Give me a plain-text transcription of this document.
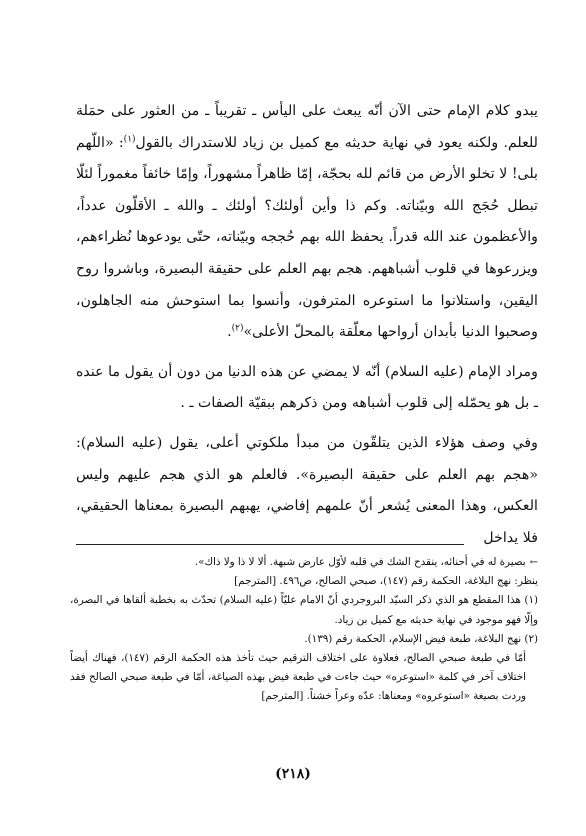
يبدو كلام الإمام حتى الآن أنّه يبعث على اليأس ـ تقريباً ـ من العثور على حمَلة للعلم. ولكنه يعود في نهاية حديثه مع كميل بن زياد للاستدراك بالقول$^{(١)}$: «اللّهم بلى! لا تخلو الأرض من قائم لله بحجّة، إمّا ظاهراً مشهوراً، وإمّا خائفاً مغموراً لئلّا تبطل حُجَج الله وبيّناته. وكم ذا وأين أولئك؟ أولئك ـ والله ـ الأقلّون عدداً، والأعظمون عند الله قدراً. يحفظ الله بهم حُججه وبيّناته، حتّى يودعوها نُظراءهم، ويزرعوها في قلوب أشباههم. هجم بهم العلم على حقيقة البصيرة، وباشروا روح اليقين، واستلانوا ما استوعره المترفون، وأنسوا بما استوحش منه الجاهلون، وصحبوا الدنيا بأبدان أرواحها معلّقة بالمحلّ الأعلى»$^{(٢)}$.

ومراد الإمام (عليه السلام) أنّه لا يمضي عن هذه الدنيا من دون أن يقول ما عنده ـ بل هو يحمّله إلى قلوب أشباهه ومن ذكرهم ببقيّة الصفات ـ .

وفي وصف هؤلاء الذين يتلقّون من مبدأ ملكوتي أعلى، يقول (عليه السلام): «هجم بهم العلم على حقيقة البصيرة». فالعلم هو الذي هجم عليهم وليس العكس، وهذا المعنى يُشعر أنّ علمهم إفاضي، يهبهم البصيرة بمعناها الحقيقي، فلا يداخل

←بصيرة له في أحنائه، ينقدح الشك في قلبه لأوّل عارض شبهة. ألا لا ذا ولا ذاك».

ينظر: نهج البلاغة، الحكمة رقم (١٤٧)، صبحي الصالح، ص٤٩٦. [المترجم]

(١) هذا المقطع هو الذي ذكر السيّد البروجردي أنّ الامام عليّاً (عليه السلام) تحدّث به بخطبة ألقاها في البصرة، وإلّا فهو موجود في نهاية حديثه مع كميل بن زياد.

(٢) نهج البلاغة، طبعة فيض الإسلام، الحكمة رقم (١٣٩).

أمّا في طبعة صبحي الصالح، فعلاوة على اختلاف الترقيم حيث تأخذ هذه الحكمة الرقم (١٤٧)، فهناك أيضاً اختلاف آخر في كلمة «استوعره» حيث جاءت في طبعة فيض بهذه الصياغة، أمّا في طبعة صبحي الصالح فقد وردت بصيغة «استوعروه» ومعناها: عدّه وعراً خشناً. [المترجم]

(٢١٨)
